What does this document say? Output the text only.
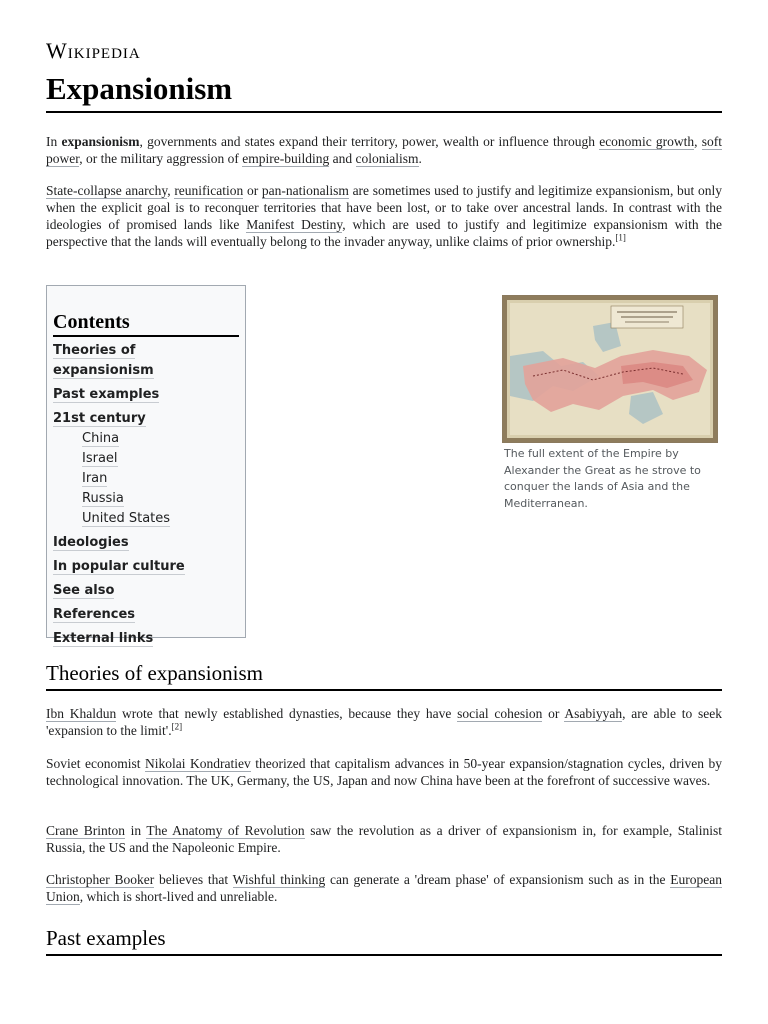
Wikipedia
Expansionism

In expansionism, governments and states expand their territory, power, wealth or influence through economic growth, soft power, or the military aggression of empire-building and colonialism.

State-collapse anarchy, reunification or pan-nationalism are sometimes used to justify and legitimize expansionism, but only when the explicit goal is to reconquer territories that have been lost, or to take over ancestral lands. In contrast with the ideologies of promised lands like Manifest Destiny, which are used to justify and legitimize expansionism with the perspective that the lands will eventually belong to the invader anyway, unlike claims of prior ownership.[1]

Contents
Theories of expansionism
Past examples
21st century
China
Israel
Iran
Russia
United States
Ideologies
In popular culture
See also
References
External links
The full extent of the Empire by Alexander the Great as he strove to conquer the lands of Asia and the Mediterranean.
Theories of expansionism

Ibn Khaldun wrote that newly established dynasties, because they have social cohesion or Asabiyyah, are able to seek 'expansion to the limit'.[2]

Soviet economist Nikolai Kondratiev theorized that capitalism advances in 50-year expansion/stagnation cycles, driven by technological innovation. The UK, Germany, the US, Japan and now China have been at the forefront of successive waves.

Crane Brinton in The Anatomy of Revolution saw the revolution as a driver of expansionism in, for example, Stalinist Russia, the US and the Napoleonic Empire.

Christopher Booker believes that Wishful thinking can generate a 'dream phase' of expansionism such as in the European Union, which is short-lived and unreliable.

Past examples
